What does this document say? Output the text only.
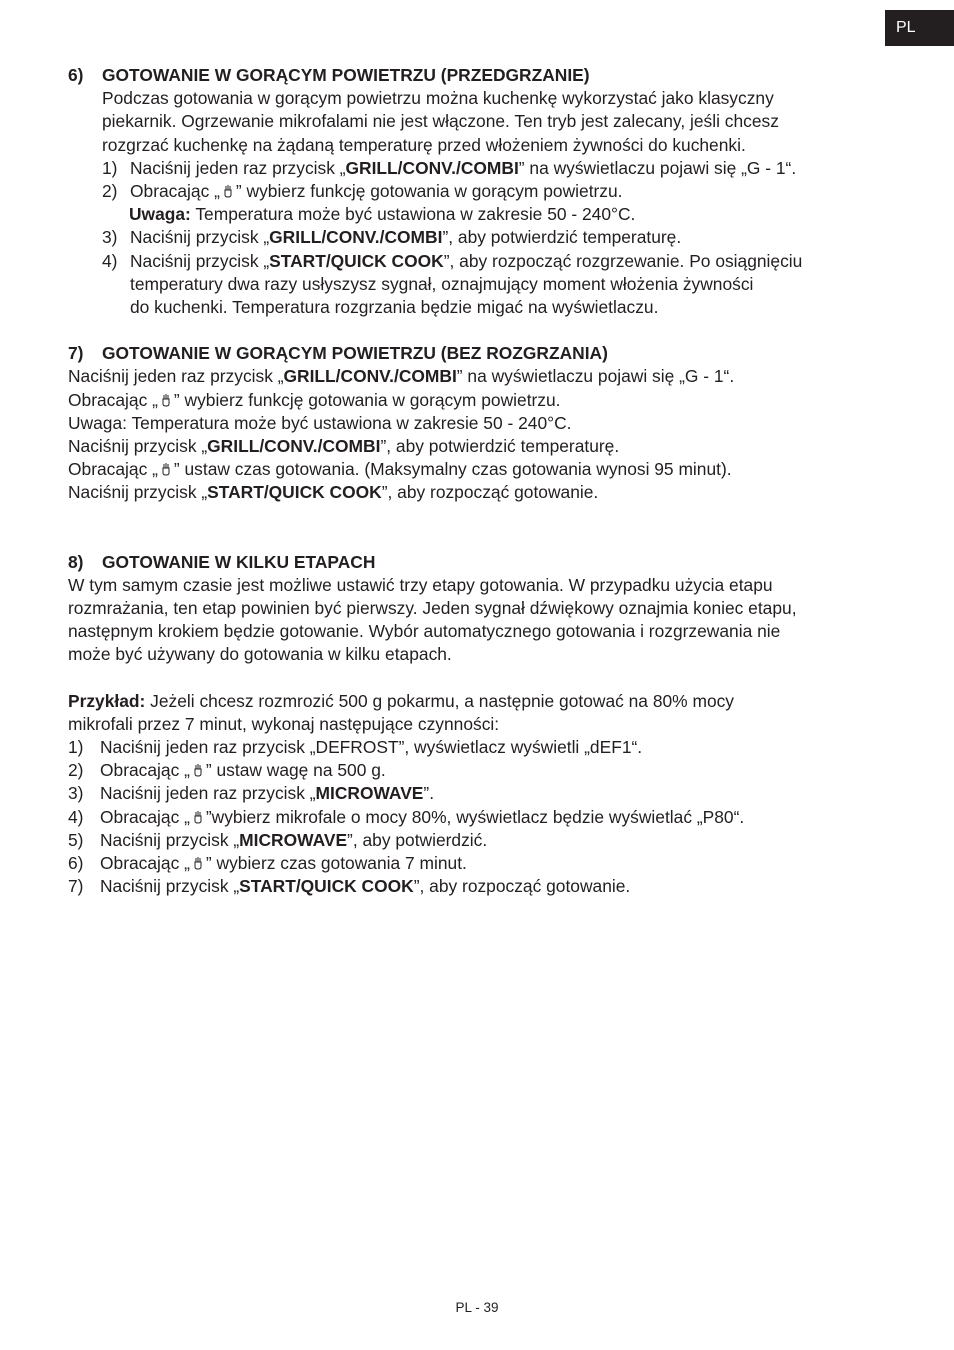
PL
6) GOTOWANIE W GORĄCYM POWIETRZU (PRZEDGRZANIE)
Podczas gotowania w gorącym powietrzu można kuchenkę wykorzystać jako klasyczny
piekarnik. Ogrzewanie mikrofalami nie jest włączone. Ten tryb jest zalecany, jeśli chcesz
rozgrzać kuchenkę na żądaną temperaturę przed włożeniem żywności do kuchenki.
1) Naciśnij jeden raz przycisk „GRILL/CONV./COMBI” na wyświetlaczu pojawi się „G - 1“.
2) Obracając „ ” wybierz funkcję gotowania w gorącym powietrzu.
Uwaga: Temperatura może być ustawiona w zakresie 50 - 240°C.
3) Naciśnij przycisk „GRILL/CONV./COMBI”, aby potwierdzić temperaturę.
4) Naciśnij przycisk „START/QUICK COOK”, aby rozpocząć rozgrzewanie. Po osiągnięciu
temperatury dwa razy usłyszysz sygnał, oznajmujący moment włożenia żywności
do kuchenki. Temperatura rozgrzania będzie migać na wyświetlaczu.
7) GOTOWANIE W GORĄCYM POWIETRZU (BEZ ROZGRZANIA)
Naciśnij jeden raz przycisk „GRILL/CONV./COMBI” na wyświetlaczu pojawi się „G - 1“.
Obracając „ ” wybierz funkcję gotowania w gorącym powietrzu.
Uwaga: Temperatura może być ustawiona w zakresie 50 - 240°C.
Naciśnij przycisk „GRILL/CONV./COMBI”, aby potwierdzić temperaturę.
Obracając „ ” ustaw czas gotowania. (Maksymalny czas gotowania wynosi 95 minut).
Naciśnij przycisk „START/QUICK COOK”, aby rozpocząć gotowanie.
8) GOTOWANIE W KILKU ETAPACH
W tym samym czasie jest możliwe ustawić trzy etapy gotowania. W przypadku użycia etapu
rozmrażania, ten etap powinien być pierwszy. Jeden sygnał dźwiękowy oznajmia koniec etapu,
następnym krokiem będzie gotowanie. Wybór automatycznego gotowania i rozgrzewania nie
może być używany do gotowania w kilku etapach.
Przykład: Jeżeli chcesz rozmrozić 500 g pokarmu, a następnie gotować na 80% mocy
mikrofali przez 7 minut, wykonaj następujące czynności:
1) Naciśnij jeden raz przycisk „DEFROST”, wyświetlacz wyświetli „dEF1“.
2) Obracając „ ” ustaw wagę na 500 g.
3) Naciśnij jeden raz przycisk „MICROWAVE”.
4) Obracając „ ”wybierz mikrofale o mocy 80%, wyświetlacz będzie wyświetlać „P80“.
5) Naciśnij przycisk „MICROWAVE”, aby potwierdzić.
6) Obracając „ ” wybierz czas gotowania 7 minut.
7) Naciśnij przycisk „START/QUICK COOK”, aby rozpocząć gotowanie.
PL - 39
